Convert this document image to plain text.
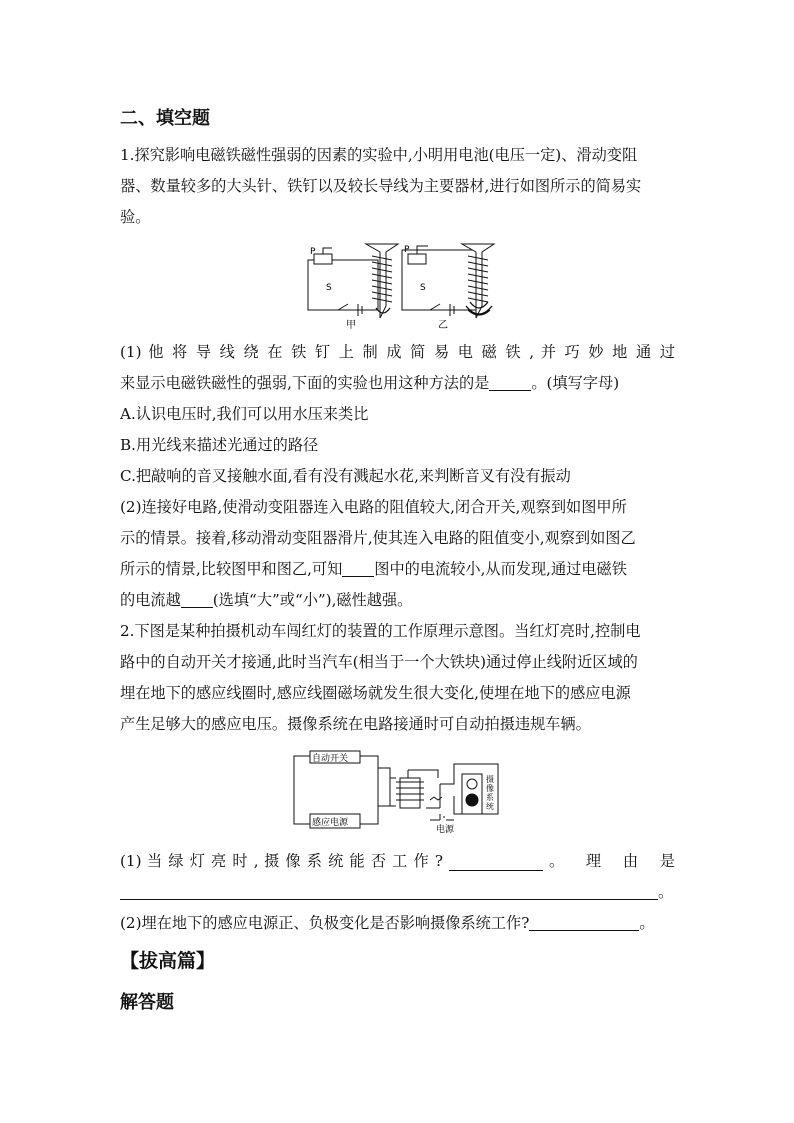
二、填空题
1.探究影响电磁铁磁性强弱的因素的实验中,小明用电池(电压一定)、滑动变阻
器、数量较多的大头针、铁钉以及较长导线为主要器材,进行如图所示的简易实
验。
P	P
S	S
甲	乙
(1) 他 将 导 线 绕 在 铁 钉 上 制 成 简 易 电 磁 铁 , 并 巧 妙 地 通 过
来显示电磁铁磁性的强弱,下面的实验也用这种方法的是	。(填写字母)
A.认识电压时,我们可以用水压来类比
B.用光线来描述光通过的路径
C.把敲响的音叉接触水面,看有没有溅起水花,来判断音叉有没有振动
(2)连接好电路,使滑动变阻器连入电路的阻值较大,闭合开关,观察到如图甲所
示的情景。接着,移动滑动变阻器滑片,使其连入电路的阻值变小,观察到如图乙
所示的情景,比较图甲和图乙,可知 图中的电流较小,从而发现,通过电磁铁
的电流越 (选填“大”或“小”),磁性越强。
2.下图是某种拍摄机动车闯红灯的装置的工作原理示意图。当红灯亮时,控制电
路中的自动开关才接通,此时当汽车(相当于一个大铁块)通过停止线附近区域的
埋在地下的感应线圈时,感应线圈磁场就发生很大变化,使埋在地下的感应电源
产生足够大的感应电压。摄像系统在电路接通时可自动拍摄违规车辆。
自动开关
感应电源
电源
摄
像
系
统
(1) 当 绿 灯 亮 时 , 摄 像 系 统 能 否 工 作 ?	。 理 由 是
。
(2)埋在地下的感应电源正、负极变化是否影响摄像系统工作?	。
【拔高篇】
解答题
